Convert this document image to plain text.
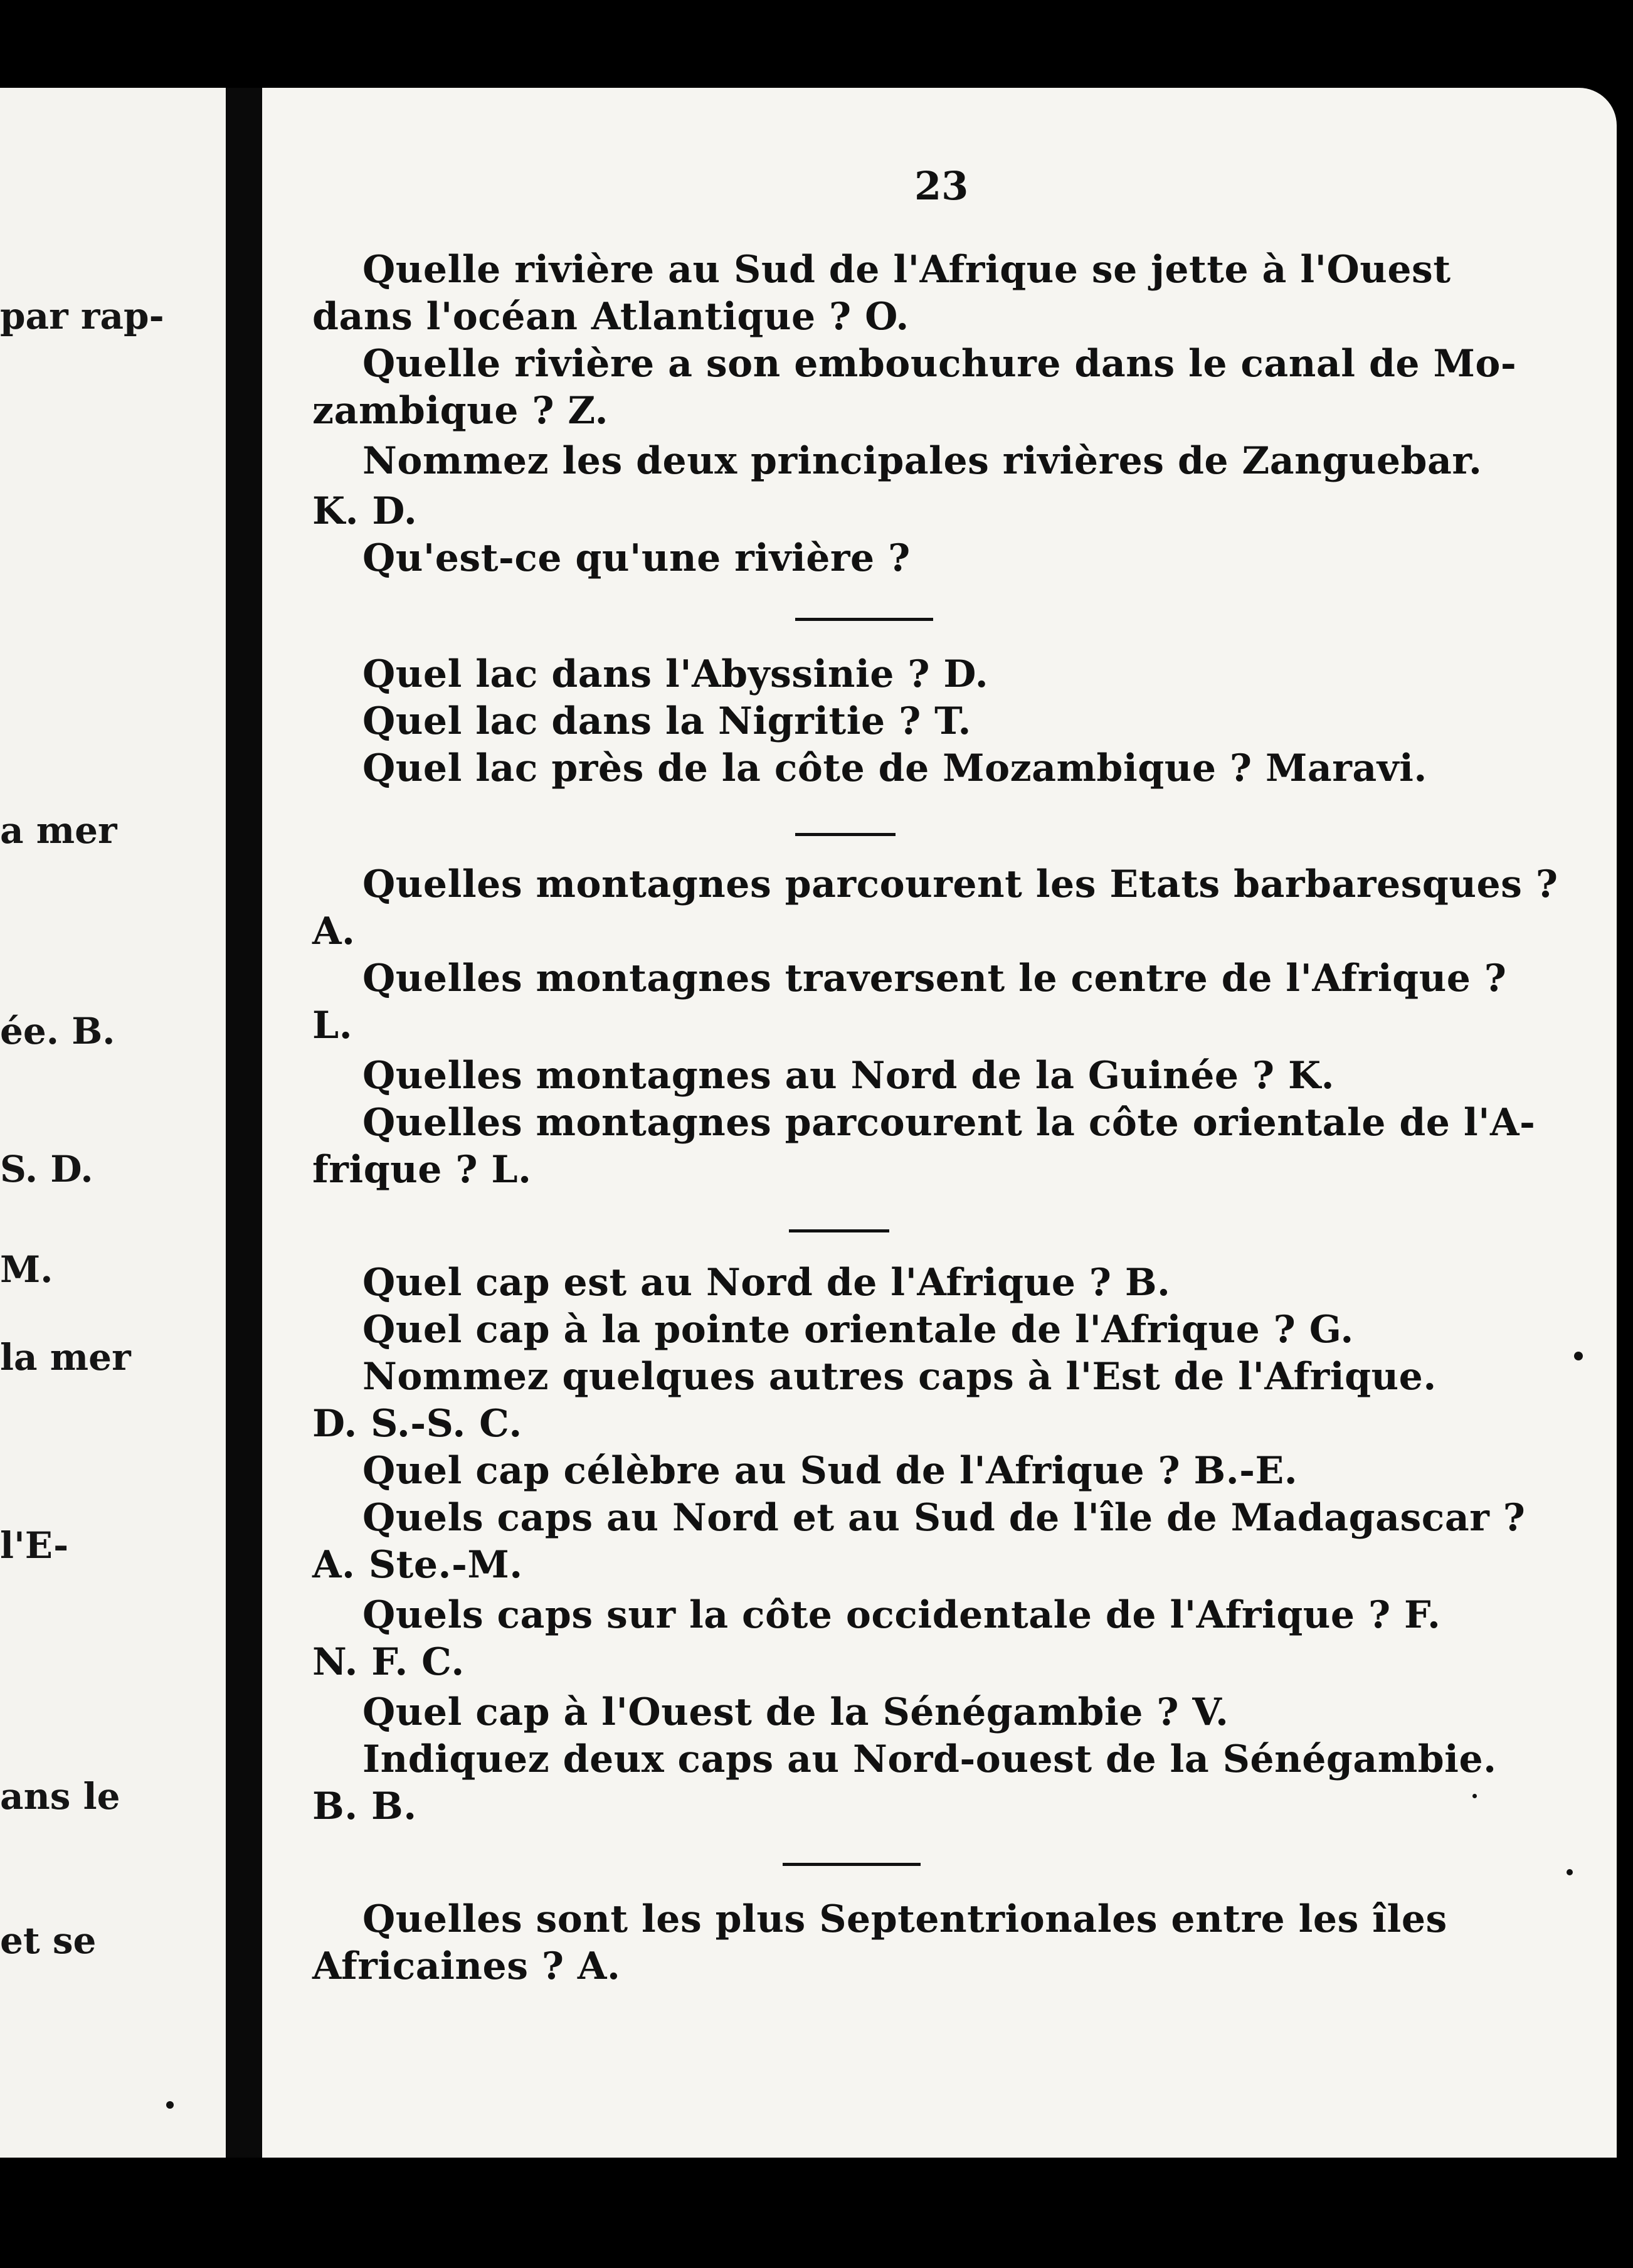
par rap-
a mer
ée. B.
S. D.
M.
la mer
l'E-
ans le
et se
23
Quelle rivière au Sud de l'Afrique se jette à l'Ouest
dans l'océan Atlantique ? O.
Quelle rivière a son embouchure dans le canal de Mo-
zambique ? Z.
Nommez les deux principales rivières de Zanguebar.
K. D.
Qu'est-ce qu'une rivière ?
Quel lac dans l'Abyssinie ? D.
Quel lac dans la Nigritie ? T.
Quel lac près de la côte de Mozambique ? Maravi.
Quelles montagnes parcourent les Etats barbaresques ?
A.
Quelles montagnes traversent le centre de l'Afrique ?
L.
Quelles montagnes au Nord de la Guinée ? K.
Quelles montagnes parcourent la côte orientale de l'A-
frique ? L.
Quel cap est au Nord de l'Afrique ? B.
Quel cap à la pointe orientale de l'Afrique ? G.
Nommez quelques autres caps à l'Est de l'Afrique.
D. S.-S. C.
Quel cap célèbre au Sud de l'Afrique ? B.-E.
Quels caps au Nord et au Sud de l'île de Madagascar ?
A. Ste.-M.
Quels caps sur la côte occidentale de l'Afrique ? F.
N. F. C.
Quel cap à l'Ouest de la Sénégambie ? V.
Indiquez deux caps au Nord-ouest de la Sénégambie.
B. B.
Quelles sont les plus Septentrionales entre les îles
Africaines ? A.
